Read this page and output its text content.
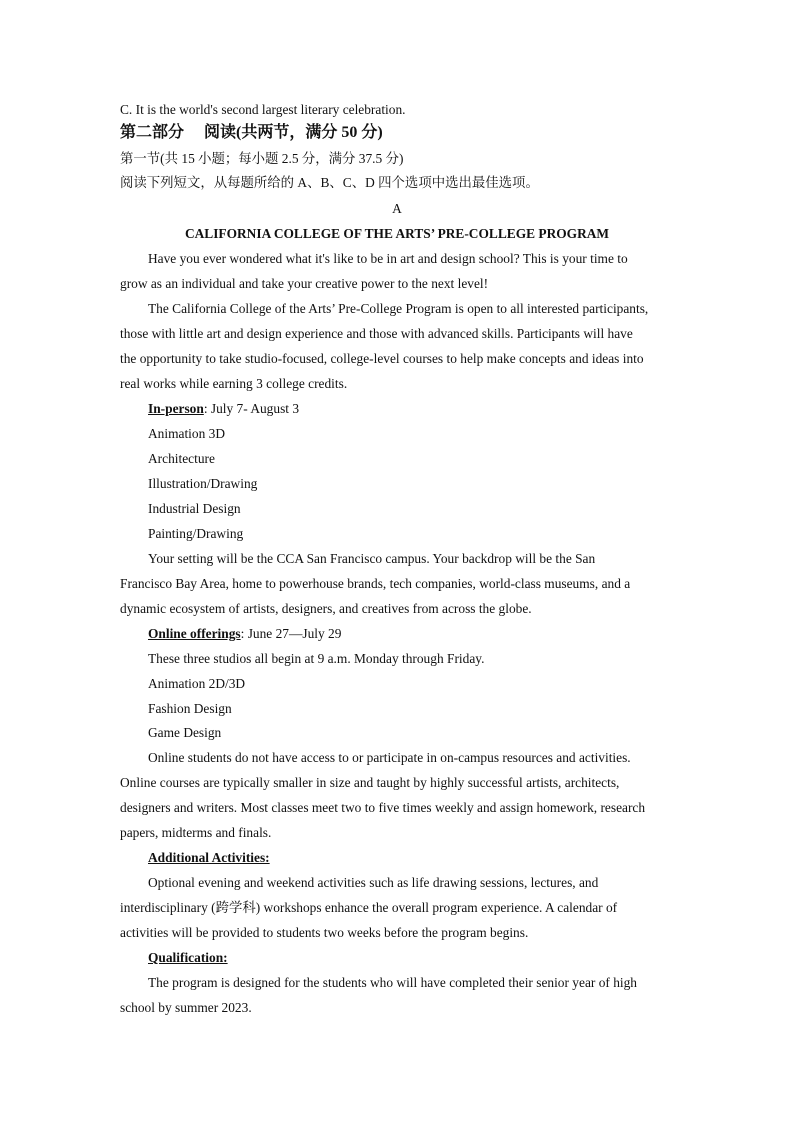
C. It is the world's second largest literary celebration.
第二部分　 阅读(共两节，满分 50 分)
第一节(共 15 小题；每小题 2.5 分，满分 37.5 分)
阅读下列短文，从每题所给的 A、B、C、D 四个选项中选出最佳选项。
A
CALIFORNIA COLLEGE OF THE ARTS’ PRE-COLLEGE PROGRAM
Have you ever wondered what it's like to be in art and design school? This is your time to
grow as an individual and take your creative power to the next level!
The California College of the Arts’ Pre-College Program is open to all interested participants,
those with little art and design experience and those with advanced skills. Participants will have
the opportunity to take studio-focused, college-level courses to help make concepts and ideas into
real works while earning 3 college credits.
In-person: July 7- August 3
Animation 3D
Architecture
Illustration/Drawing
Industrial Design
Painting/Drawing
Your setting will be the CCA San Francisco campus. Your backdrop will be the San
Francisco Bay Area, home to powerhouse brands, tech companies, world-class museums, and a
dynamic ecosystem of artists, designers, and creatives from across the globe.
Online offerings: June 27—July 29
These three studios all begin at 9 a.m. Monday through Friday.
Animation 2D/3D
Fashion Design
Game Design
Online students do not have access to or participate in on-campus resources and activities.
Online courses are typically smaller in size and taught by highly successful artists, architects,
designers and writers. Most classes meet two to five times weekly and assign homework, research
papers, midterms and finals.
Additional Activities:
Optional evening and weekend activities such as life drawing sessions, lectures, and
interdisciplinary (跨学科) workshops enhance the overall program experience. A calendar of
activities will be provided to students two weeks before the program begins.
Qualification:
The program is designed for the students who will have completed their senior year of high
school by summer 2023.
